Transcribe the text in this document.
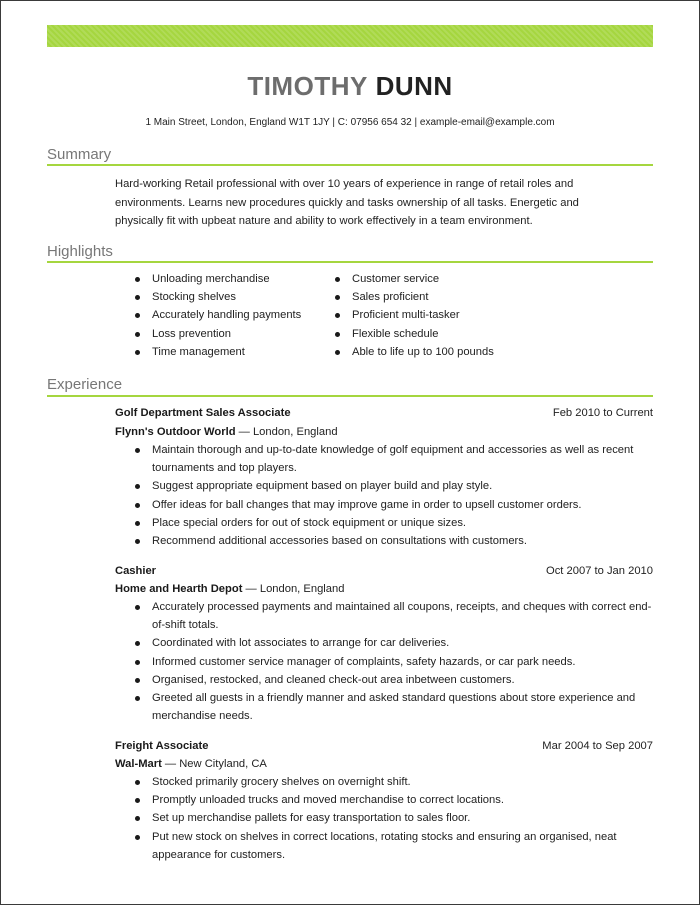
TIMOTHY DUNN
1 Main Street, London, England W1T 1JY | C: 07956 654 32 | example-email@example.com
Summary
Hard-working Retail professional with over 10 years of experience in range of retail roles and
environments. Learns new procedures quickly and tasks ownership of all tasks. Energetic and
physically fit with upbeat nature and ability to work effectively in a team environment.
Highlights
Unloading merchandise
Stocking shelves
Accurately handling payments
Loss prevention
Time management
Customer service
Sales proficient
Proficient multi-tasker
Flexible schedule
Able to life up to 100 pounds
Experience
Golf Department Sales Associate	Feb 2010 to Current
Flynn's Outdoor World — London, England
Maintain thorough and up-to-date knowledge of golf equipment and accessories as well as recent tournaments and top players.
Suggest appropriate equipment based on player build and play style.
Offer ideas for ball changes that may improve game in order to upsell customer orders.
Place special orders for out of stock equipment or unique sizes.
Recommend additional accessories based on consultations with customers.
Cashier	Oct 2007 to Jan 2010
Home and Hearth Depot — London, England
Accurately processed payments and maintained all coupons, receipts, and cheques with correct end-of-shift totals.
Coordinated with lot associates to arrange for car deliveries.
Informed customer service manager of complaints, safety hazards, or car park needs.
Organised, restocked, and cleaned check-out area inbetween customers.
Greeted all guests in a friendly manner and asked standard questions about store experience and merchandise needs.
Freight Associate	Mar 2004 to Sep 2007
Wal-Mart — New Cityland, CA
Stocked primarily grocery shelves on overnight shift.
Promptly unloaded trucks and moved merchandise to correct locations.
Set up merchandise pallets for easy transportation to sales floor.
Put new stock on shelves in correct locations, rotating stocks and ensuring an organised, neat appearance for customers.
